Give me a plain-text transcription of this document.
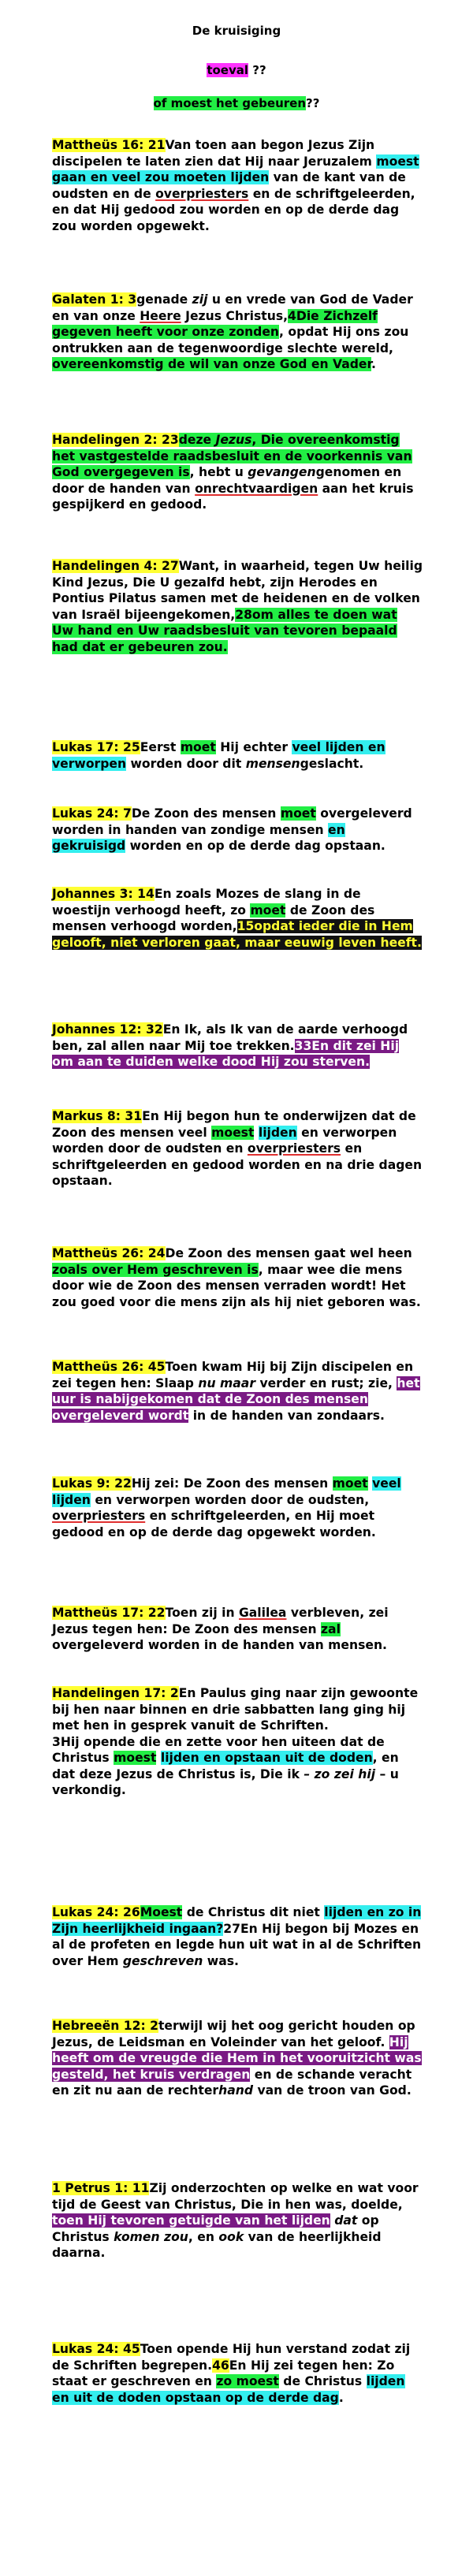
De kruisiging
toeval ??
of moest het gebeuren??
Mattheüs 16: 21Van toen aan begon Jezus Zijn discipelen te laten zien dat Hij naar Jeruzalem moest gaan en veel zou moeten lijden van de kant van de oudsten en de overpriesters en de schriftgeleerden, en dat Hij gedood zou worden en op de derde dag zou worden opgewekt.
Galaten 1: 3genade zij u en vrede van God de Vader en van onze Heere Jezus Christus,4Die Zichzelf gegeven heeft voor onze zonden, opdat Hij ons zou ontrukken aan de tegenwoordige slechte wereld, overeenkomstig de wil van onze God en Vader.
Handelingen 2: 23deze Jezus, Die overeenkomstig het vastgestelde raadsbesluit en de voorkennis van God overgegeven is, hebt u gevangengenomen en door de handen van onrechtvaardigen aan het kruis gespijkerd en gedood.
Handelingen 4: 27Want, in waarheid, tegen Uw heilig Kind Jezus, Die U gezalfd hebt, zijn Herodes en Pontius Pilatus samen met de heidenen en de volken van Israël bijeengekomen,28om alles te doen wat Uw hand en Uw raadsbesluit van tevoren bepaald had dat er gebeuren zou.
Lukas 17: 25Eerst moet Hij echter veel lijden en verworpen worden door dit mensengeslacht.
Lukas 24: 7De Zoon des mensen moet overgeleverd worden in handen van zondige mensen en gekruisigd worden en op de derde dag opstaan.
Johannes 3: 14En zoals Mozes de slang in de woestijn verhoogd heeft, zo moet de Zoon des mensen verhoogd worden,15opdat ieder die in Hem gelooft, niet verloren gaat, maar eeuwig leven heeft.
Johannes 12: 32En Ik, als Ik van de aarde verhoogd ben, zal allen naar Mij toe trekken.33En dit zei Hij om aan te duiden welke dood Hij zou sterven.
Markus 8: 31En Hij begon hun te onderwijzen dat de Zoon des mensen veel moest lijden en verworpen worden door de oudsten en overpriesters en schriftgeleerden en gedood worden en na drie dagen opstaan.
Mattheüs 26: 24De Zoon des mensen gaat wel heen zoals over Hem geschreven is, maar wee die mens door wie de Zoon des mensen verraden wordt! Het zou goed voor die mens zijn als hij niet geboren was.
Mattheüs 26: 45Toen kwam Hij bij Zijn discipelen en zei tegen hen: Slaap nu maar verder en rust; zie, het uur is nabijgekomen dat de Zoon des mensen overgeleverd wordt in de handen van zondaars.
Lukas 9: 22Hij zei: De Zoon des mensen moet veel lijden en verworpen worden door de oudsten, overpriesters en schriftgeleerden, en Hij moet gedood en op de derde dag opgewekt worden.
Mattheüs 17: 22Toen zij in Galilea verbleven, zei Jezus tegen hen: De Zoon des mensen zal overgeleverd worden in de handen van mensen.
Handelingen 17: 2En Paulus ging naar zijn gewoonte bij hen naar binnen en drie sabbatten lang ging hij met hen in gesprek vanuit de Schriften.
3Hij opende die en zette voor hen uiteen dat de Christus moest lijden en opstaan uit de doden, en dat deze Jezus de Christus is, Die ik – zo zei hij – u verkondig.
Lukas 24: 26Moest de Christus dit niet lijden en zo in Zijn heerlijkheid ingaan?27En Hij begon bij Mozes en al de profeten en legde hun uit wat in al de Schriften over Hem geschreven was.
Hebreeën 12: 2terwijl wij het oog gericht houden op Jezus, de Leidsman en Voleinder van het geloof. Hij heeft om de vreugde die Hem in het vooruitzicht was gesteld, het kruis verdragen en de schande veracht en zit nu aan de rechterhand van de troon van God.
1 Petrus 1: 11Zij onderzochten op welke en wat voor tijd de Geest van Christus, Die in hen was, doelde, toen Hij tevoren getuigde van het lijden dat op Christus komen zou, en ook van de heerlijkheid daarna.
Lukas 24: 45Toen opende Hij hun verstand zodat zij de Schriften begrepen.46En Hij zei tegen hen: Zo staat er geschreven en zo moest de Christus lijden en uit de doden opstaan op de derde dag.
